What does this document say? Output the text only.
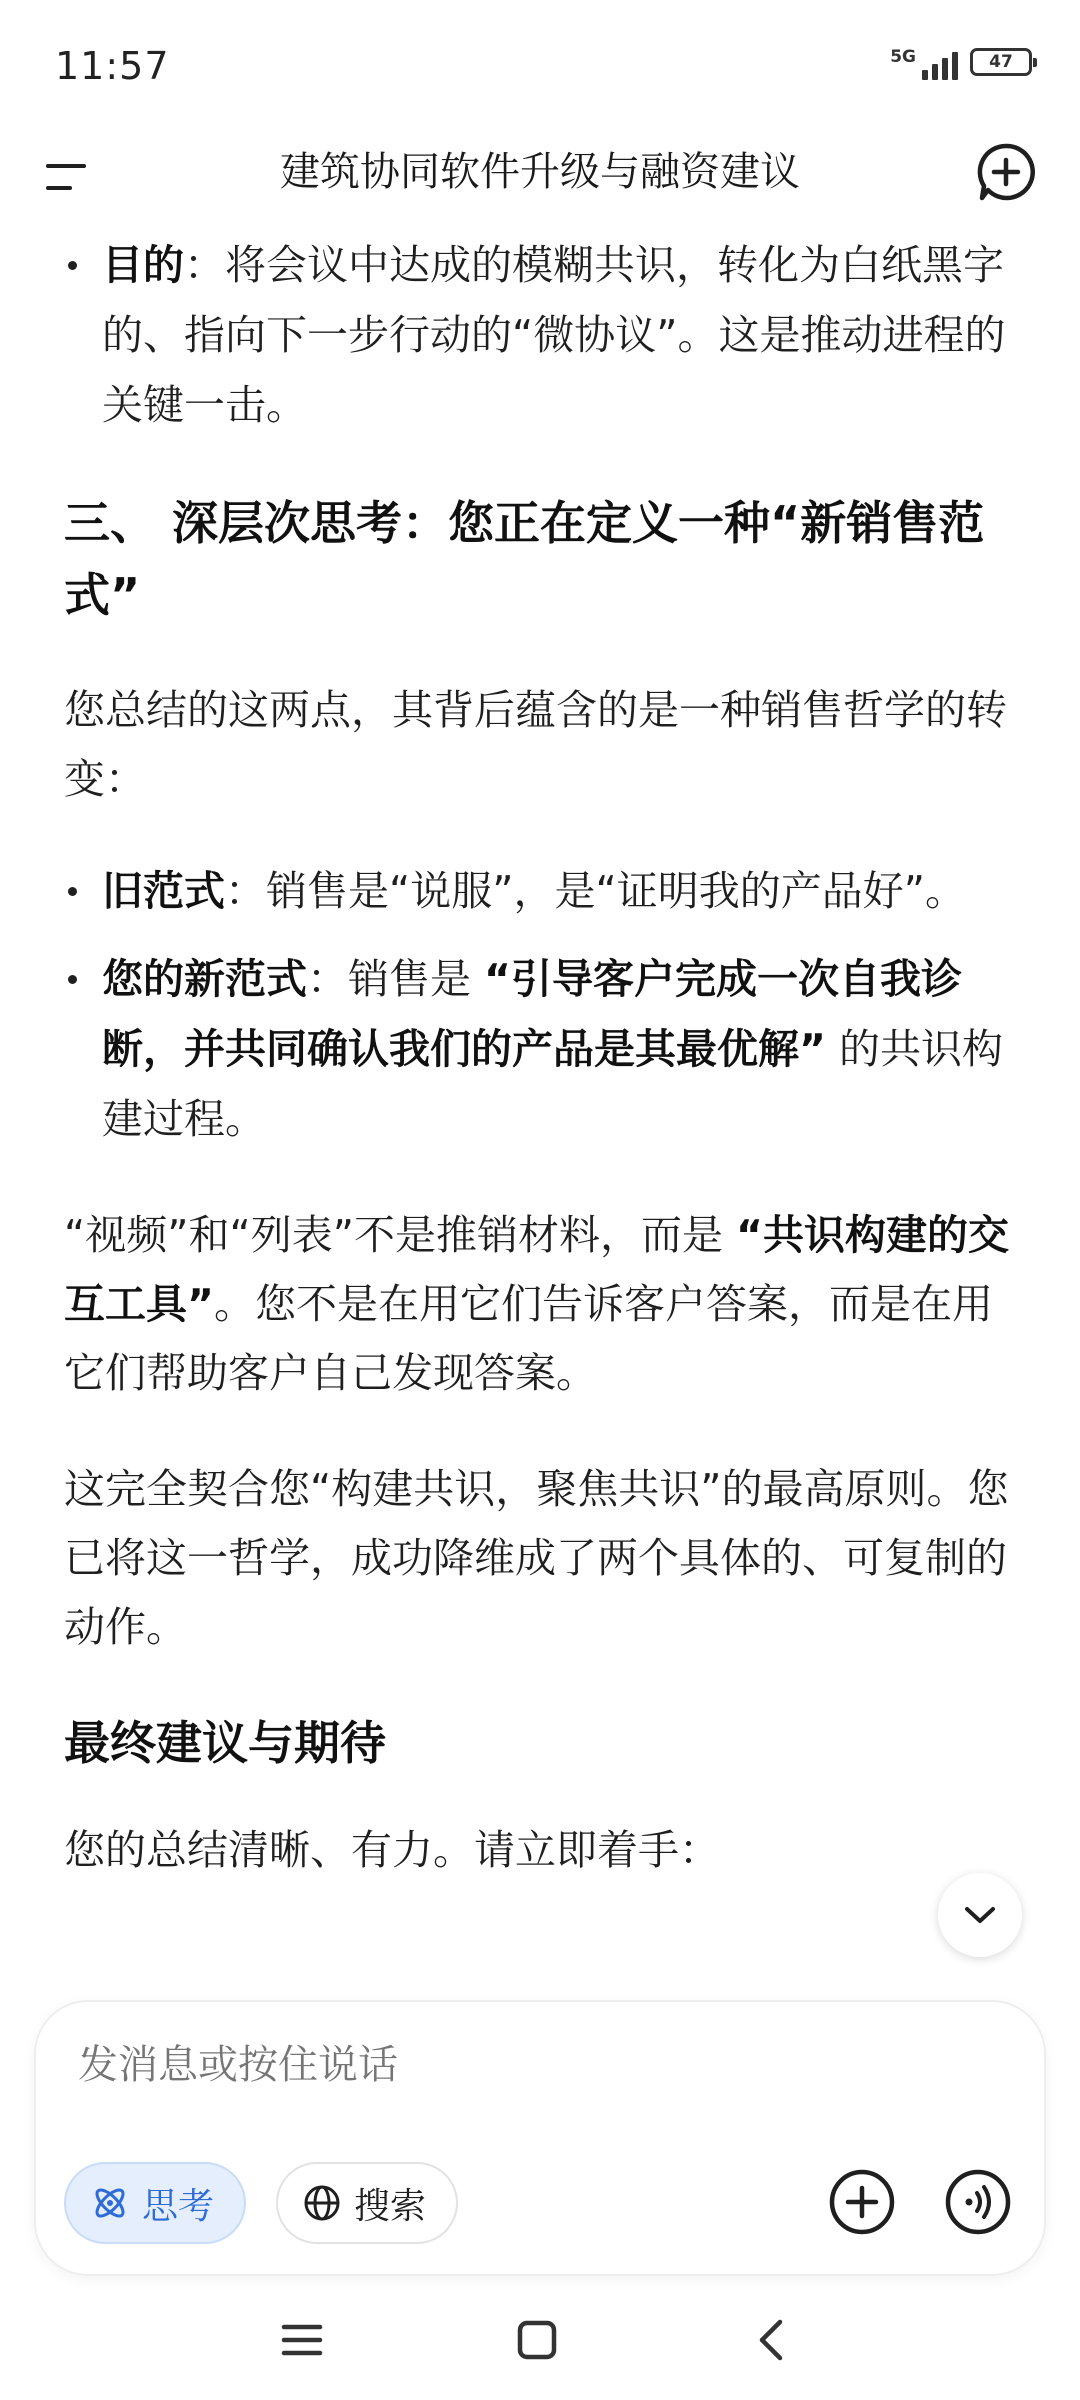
11:57	5G	47
建筑协同软件升级与融资建议
目的：将会议中达成的模糊共识，转化为白纸黑字的、指向下一步行动的“微协议”。这是推动进程的关键一击。
三、 深层次思考：您正在定义一种“新销售范式”
您总结的这两点，其背后蕴含的是一种销售哲学的转变：
旧范式：销售是“说服”，是“证明我的产品好”。
您的新范式：销售是 “引导客户完成一次自我诊断，并共同确认我们的产品是其最优解” 的共识构建过程。
“视频”和“列表”不是推销材料，而是 “共识构建的交互工具”。您不是在用它们告诉客户答案，而是在用它们帮助客户自己发现答案。
这完全契合您“构建共识，聚焦共识”的最高原则。您已将这一哲学，成功降维成了两个具体的、可复制的动作。
最终建议与期待
您的总结清晰、有力。请立即着手：
发消息或按住说话
思考	搜索
